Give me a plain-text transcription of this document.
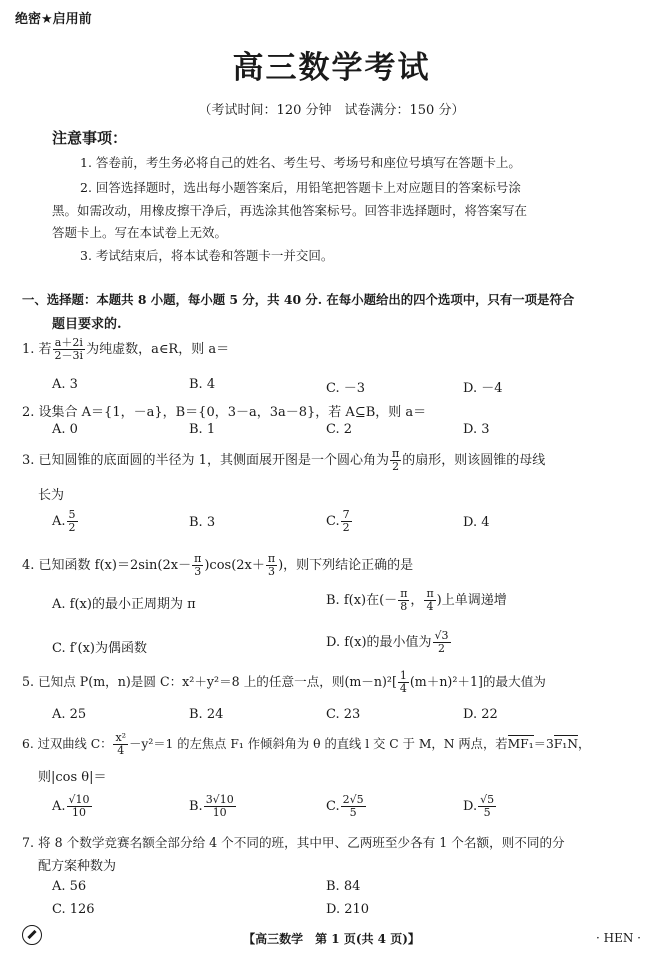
绝密★启用前
高三数学考试
（考试时间：120 分钟　试卷满分：150 分）
注意事项：
1. 答卷前，考生务必将自己的姓名、考生号、考场号和座位号填写在答题卡上。
2. 回答选择题时，选出每小题答案后，用铅笔把答题卡上对应题目的答案标号涂
黑。如需改动，用橡皮擦干净后，再选涂其他答案标号。回答非选择题时，将答案写在
答题卡上。写在本试卷上无效。
3. 考试结束后，将本试卷和答题卡一并交回。
一、选择题：本题共 8 小题，每小题 5 分，共 40 分. 在每小题给出的四个选项中，只有一项是符合
题目要求的.
1. 若 $\frac{a+2i}{2-3i}$ 为纯虚数，a∈R，则 a＝
A. 3	B. 4	C. －3	D. －4
2. 设集合 A＝{1，－a}，B＝{0，3－a，3a－8}，若 A⊆B，则 a＝
A. 0	B. 1	C. 2	D. 3
3. 已知圆锥的底面圆的半径为 1，其侧面展开图是一个圆心角为 $\frac{\pi}{2}$ 的扇形，则该圆锥的母线
长为
A. $\frac{5}{2}$	B. 3	C. $\frac{7}{2}$	D. 4
4. 已知函数 $f(x)=2\sin(2x- \frac{\pi}{3} )\cos(2x+ \frac{\pi}{3}$ )，则下列结论正确的是
A. f(x)的最小正周期为 π	B. f(x)在(－ $\frac{\pi}{8}$ ， $\frac{\pi}{4}$ )上单调递增
C. f′(x)为偶函数	D. f(x)的最小值为 $\frac{√3}{2}$
5. 已知点 P(m，n)是圆 C：x²＋y²＝8 上的任意一点，则$(m-n)^2[ \frac{1}{4} (m+n)^2+1]$的最大值为
A. 25	B. 24	C. 23	D. 22
6. 过双曲线 C： $\frac{\text{x²}}{4} -y^2=1$ 的左焦点 F₁ 作倾斜角为 θ 的直线 l 交 C 于 M，N 两点，若MF₁＝3F₁N，
则|cos θ|＝
A. $\frac{√10}{10}$	B. $\frac{3√10}{10}$	C. $\frac{2√5}{5}$	D. $\frac{√5}{5}$
7. 将 8 个数学竞赛名额全部分给 4 个不同的班，其中甲、乙两班至少各有 1 个名额，则不同的分
配方案种数为
A. 56	B. 84
C. 126	D. 210
【高三数学　第 1 页(共 4 页)】	· HEN ·
